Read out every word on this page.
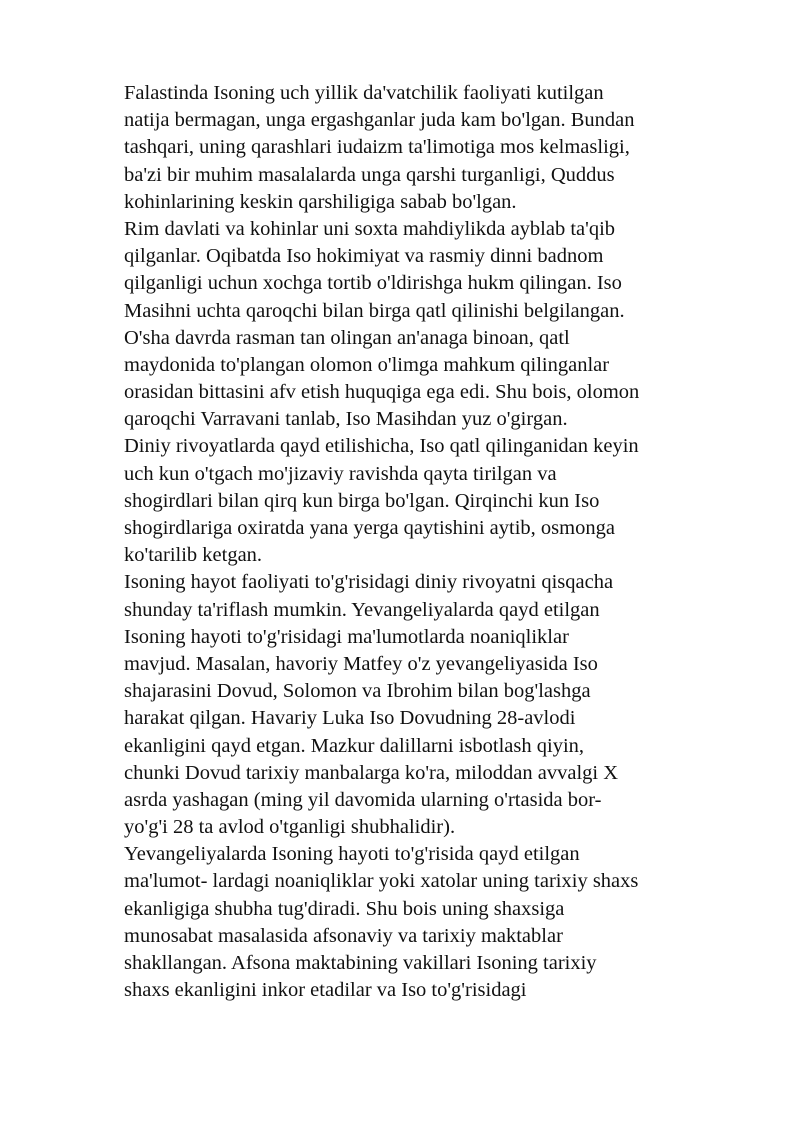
Falastinda Isoning uch yillik da'vatchilik faoliyati kutilgan
natija bermagan, unga ergashganlar juda kam bo'lgan. Bundan
tashqari, uning qarashlari iudaizm ta'limotiga mos kelmasligi,
ba'zi bir muhim masalalarda unga qarshi turganligi, Quddus
kohinlarining keskin qarshiligiga sabab bo'lgan.
Rim davlati va kohinlar uni soxta mahdiylikda ayblab ta'qib
qilganlar. Oqibatda Iso hokimiyat va rasmiy dinni badnom
qilganligi uchun xochga tortib o'ldirishga hukm qilingan. Iso
Masihni uchta qaroqchi bilan birga qatl qilinishi belgilangan.
O'sha davrda rasman tan olingan an'anaga binoan, qatl
maydonida to'plangan olomon o'limga mahkum qilinganlar
orasidan bittasini afv etish huquqiga ega edi. Shu bois, olomon
qaroqchi Varravani tanlab, Iso Masihdan yuz o'girgan.
Diniy rivoyatlarda qayd etilishicha, Iso qatl qilinganidan keyin
uch kun o'tgach mo'jizaviy ravishda qayta tirilgan va
shogirdlari bilan qirq kun birga bo'lgan. Qirqinchi kun Iso
shogirdlariga oxiratda yana yerga qaytishini aytib, osmonga
ko'tarilib ketgan.
Isoning hayot faoliyati to'g'risidagi diniy rivoyatni qisqacha
shunday ta'riflash mumkin. Yevangeliyalarda qayd etilgan
Isoning hayoti to'g'risidagi ma'lumotlarda noaniqliklar
mavjud. Masalan, havoriy Matfey o'z yevangeliyasida Iso
shajarasini Dovud, Solomon va Ibrohim bilan bog'lashga
harakat qilgan. Havariy Luka Iso Dovudning 28-avlodi
ekanligini qayd etgan. Mazkur dalillarni isbotlash qiyin,
chunki Dovud tarixiy manbalarga ko'ra, miloddan avvalgi X
asrda yashagan (ming yil davomida ularning o'rtasida bor-
yo'g'i 28 ta avlod o'tganligi shubhalidir).
Yevangeliyalarda Isoning hayoti to'g'risida qayd etilgan
ma'lumot- lardagi noaniqliklar yoki xatolar uning tarixiy shaxs
ekanligiga shubha tug'diradi. Shu bois uning shaxsiga
munosabat masalasida afsonaviy va tarixiy maktablar
shakllangan. Afsona maktabining vakillari Isoning tarixiy
shaxs ekanligini inkor etadilar va Iso to'g'risidagi
